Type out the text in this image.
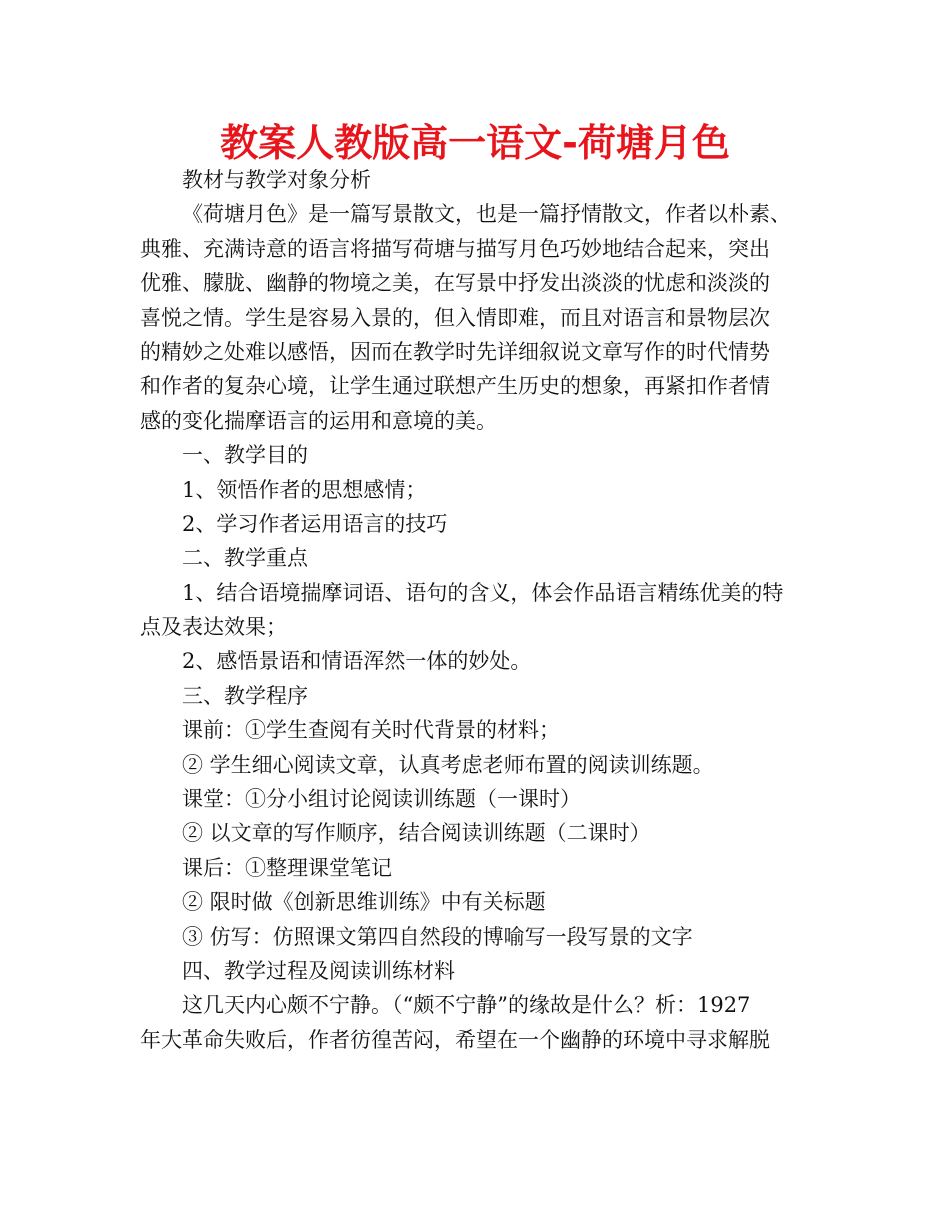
教案人教版高一语文-荷塘月色
教材与教学对象分析
《荷塘月色》是一篇写景散文，也是一篇抒情散文，作者以朴素、
典雅、充满诗意的语言将描写荷塘与描写月色巧妙地结合起来，突出
优雅、朦胧、幽静的物境之美，在写景中抒发出淡淡的忧虑和淡淡的
喜悦之情。学生是容易入景的，但入情即难，而且对语言和景物层次
的精妙之处难以感悟，因而在教学时先详细叙说文章写作的时代情势
和作者的复杂心境，让学生通过联想产生历史的想象，再紧扣作者情
感的变化揣摩语言的运用和意境的美。
一、教学目的
1、领悟作者的思想感情；
2、学习作者运用语言的技巧
二、教学重点
1、结合语境揣摩词语、语句的含义，体会作品语言精练优美的特
点及表达效果；
2、感悟景语和情语浑然一体的妙处。
三、教学程序
课前：①学生查阅有关时代背景的材料；
② 学生细心阅读文章，认真考虑老师布置的阅读训练题。
课堂：①分小组讨论阅读训练题（一课时）
② 以文章的写作顺序，结合阅读训练题（二课时）
课后：①整理课堂笔记
② 限时做《创新思维训练》中有关标题
③ 仿写：仿照课文第四自然段的博喻写一段写景的文字
四、教学过程及阅读训练材料
这几天内心颇不宁静。（“颇不宁静”的缘故是什么？析：1927
年大革命失败后，作者彷徨苦闷，希望在一个幽静的环境中寻求解脱
